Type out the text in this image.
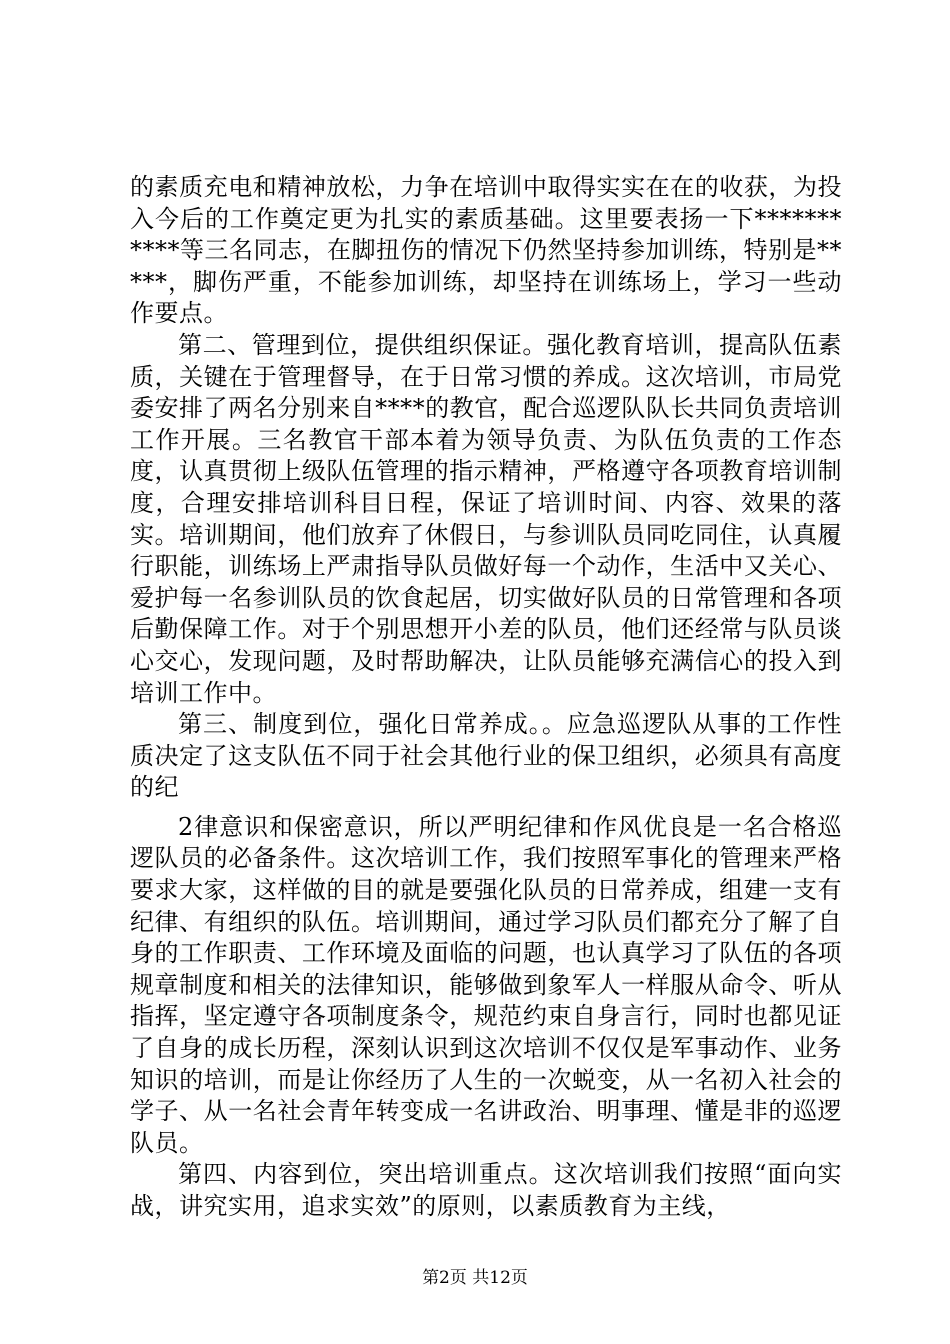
的素质充电和精神放松，力争在培训中取得实实在在的收获，为投入今后的工作奠定更为扎实的素质基础。这里要表扬一下***********等三名同志，在脚扭伤的情况下仍然坚持参加训练，特别是*****，脚伤严重，不能参加训练，却坚持在训练场上，学习一些动作要点。

第二、管理到位，提供组织保证。强化教育培训，提高队伍素质，关键在于管理督导，在于日常习惯的养成。这次培训，市局党委安排了两名分别来自****的教官，配合巡逻队队长共同负责培训工作开展。三名教官干部本着为领导负责、为队伍负责的工作态度，认真贯彻上级队伍管理的指示精神，严格遵守各项教育培训制度，合理安排培训科目日程，保证了培训时间、内容、效果的落实。培训期间，他们放弃了休假日，与参训队员同吃同住，认真履行职能，训练场上严肃指导队员做好每一个动作，生活中又关心、爱护每一名参训队员的饮食起居，切实做好队员的日常管理和各项后勤保障工作。对于个别思想开小差的队员，他们还经常与队员谈心交心，发现问题，及时帮助解决，让队员能够充满信心的投入到培训工作中。

第三、制度到位，强化日常养成。。应急巡逻队从事的工作性质决定了这支队伍不同于社会其他行业的保卫组织，必须具有高度的纪

2律意识和保密意识，所以严明纪律和作风优良是一名合格巡逻队员的必备条件。这次培训工作，我们按照军事化的管理来严格要求大家，这样做的目的就是要强化队员的日常养成，组建一支有纪律、有组织的队伍。培训期间，通过学习队员们都充分了解了自身的工作职责、工作环境及面临的问题，也认真学习了队伍的各项规章制度和相关的法律知识，能够做到象军人一样服从命令、听从指挥，坚定遵守各项制度条令，规范约束自身言行，同时也都见证了自身的成长历程，深刻认识到这次培训不仅仅是军事动作、业务知识的培训，而是让你经历了人生的一次蜕变，从一名初入社会的学子、从一名社会青年转变成一名讲政治、明事理、懂是非的巡逻队员。

第四、内容到位，突出培训重点。这次培训我们按照“面向实战，讲究实用，追求实效”的原则，以素质教育为主线，

第2页 共12页
